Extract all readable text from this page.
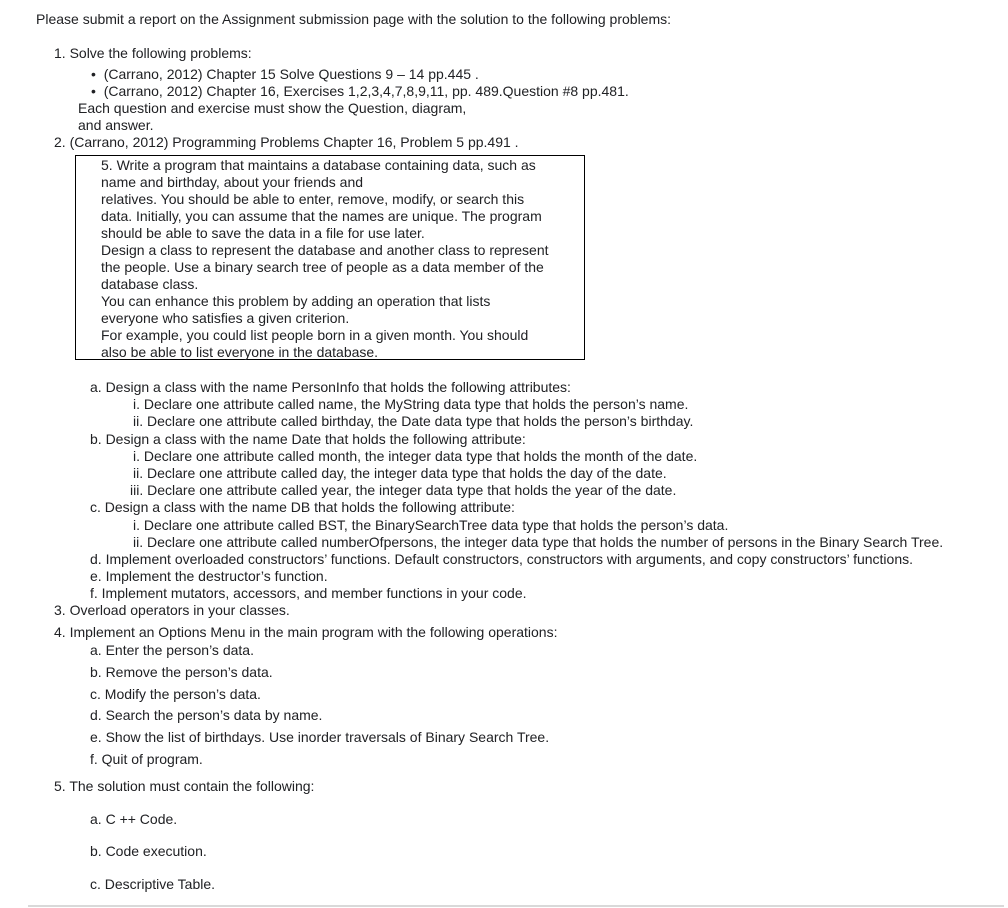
Please submit a report on the Assignment submission page with the solution to the following problems:
1. Solve the following problems:
•  (Carrano, 2012) Chapter 15 Solve Questions 9 – 14 pp.445 .
•  (Carrano, 2012) Chapter 16, Exercises 1,2,3,4,7,8,9,11, pp. 489.Question #8 pp.481.
Each question and exercise must show the Question, diagram,
and answer.
2. (Carrano, 2012) Programming Problems Chapter 16, Problem 5 pp.491 .
5. Write a program that maintains a database containing data, such as
name and birthday, about your friends and
relatives. You should be able to enter, remove, modify, or search this
data. Initially, you can assume that the names are unique. The program
should be able to save the data in a file for use later.
Design a class to represent the database and another class to represent
the people. Use a binary search tree of people as a data member of the
database class.
You can enhance this problem by adding an operation that lists
everyone who satisfies a given criterion.
For example, you could list people born in a given month. You should
also be able to list everyone in the database.
a. Design a class with the name PersonInfo that holds the following attributes:
i. Declare one attribute called name, the MyString data type that holds the person’s name.
ii. Declare one attribute called birthday, the Date data type that holds the person’s birthday.
b. Design a class with the name Date that holds the following attribute:
i. Declare one attribute called month, the integer data type that holds the month of the date.
ii. Declare one attribute called day, the integer data type that holds the day of the date.
iii. Declare one attribute called year, the integer data type that holds the year of the date.
c. Design a class with the name DB that holds the following attribute:
i. Declare one attribute called BST, the BinarySearchTree data type that holds the person’s data.
ii. Declare one attribute called numberOfpersons, the integer data type that holds the number of persons in the Binary Search Tree.
d. Implement overloaded constructors’ functions. Default constructors, constructors with arguments, and copy constructors’ functions.
e. Implement the destructor’s function.
f. Implement mutators, accessors, and member functions in your code.
3. Overload operators in your classes.
4. Implement an Options Menu in the main program with the following operations:
a. Enter the person’s data.
b. Remove the person’s data.
c. Modify the person’s data.
d. Search the person’s data by name.
e. Show the list of birthdays. Use inorder traversals of Binary Search Tree.
f. Quit of program.
5. The solution must contain the following:
a. C ++ Code.
b. Code execution.
c. Descriptive Table.
